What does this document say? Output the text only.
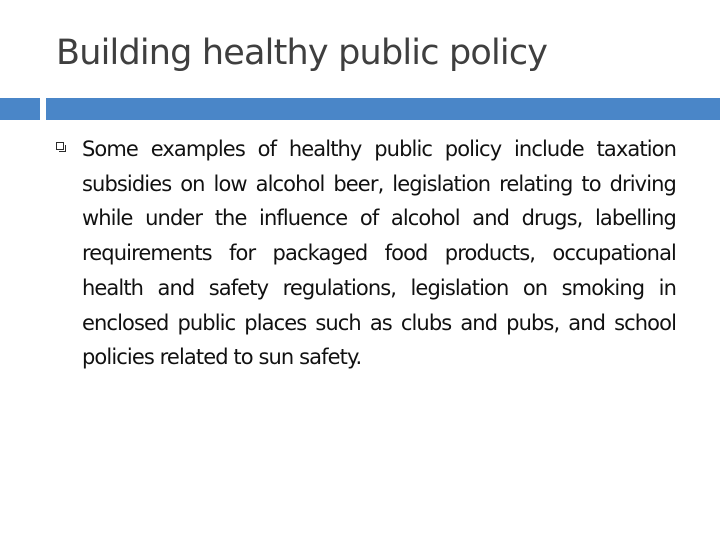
Building healthy public policy

Some examples of healthy public policy include taxation subsidies on low alcohol beer, legislation relating to driving while under the influence of alcohol and drugs, labelling requirements for packaged food products, occupational health and safety regulations, legislation on smoking in enclosed public places such as clubs and pubs, and school policies related to sun safety.
